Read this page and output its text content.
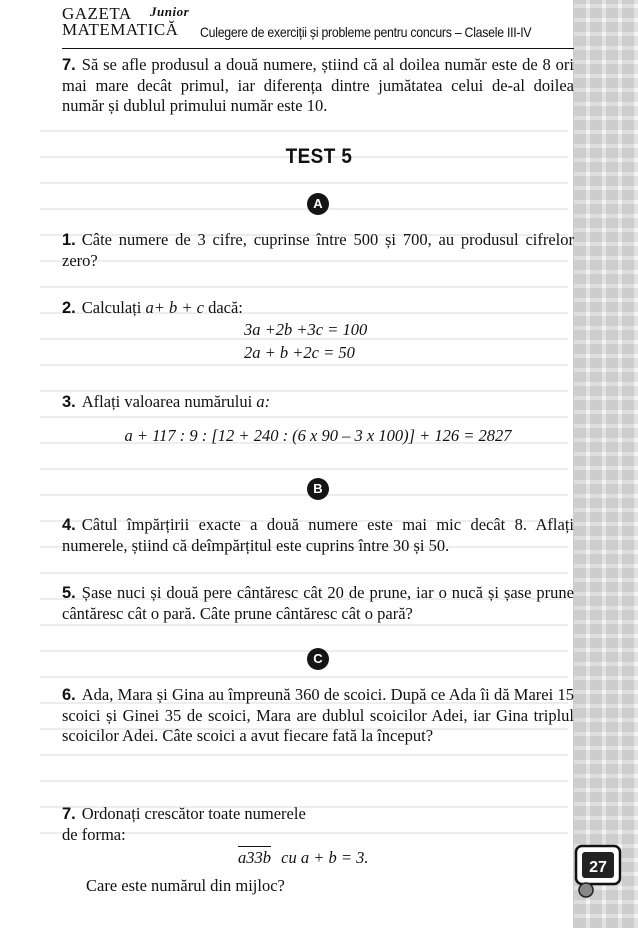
GAZETA
MATEMATICĂ
Junior
Culegere de exerciții și probleme pentru concurs – Clasele III-IV
7. Să se afle produsul a două numere, știind că al doilea număr este de 8 ori mai mare decât primul, iar diferența dintre jumătatea celui de-al doilea număr și dublul primului număr este 10.
TEST 5
A
1. Câte numere de 3 cifre, cuprinse între 500 și 700, au produsul cifrelor zero?
2. Calculați a+ b + c dacă:
3a +2b +3c = 100
2a + b +2c = 50
3. Aflați valoarea numărului a:
a + 117 : 9 : [12 + 240 : (6 x 90 – 3 x 100)] + 126 = 2827
B
4. Câtul împărțirii exacte a două numere este mai mic decât 8. Aflați numerele, știind că deîmpărțitul este cuprins între 30 și 50.
5. Șase nuci și două pere cântăresc cât 20 de prune, iar o nucă și șase prune cântăresc cât o pară. Câte prune cântăresc cât o pară?
C
6. Ada, Mara și Gina au împreună 360 de scoici. După ce Ada îi dă Marei 15 scoici și Ginei 35 de scoici, Mara are dublul scoicilor Adei, iar Gina triplul scoicilor Adei. Câte scoici a avut fiecare fată la început?
7. Ordonați crescător toate numerele
de forma:
a33b cu a + b = 3.
Care este numărul din mijloc?
27
